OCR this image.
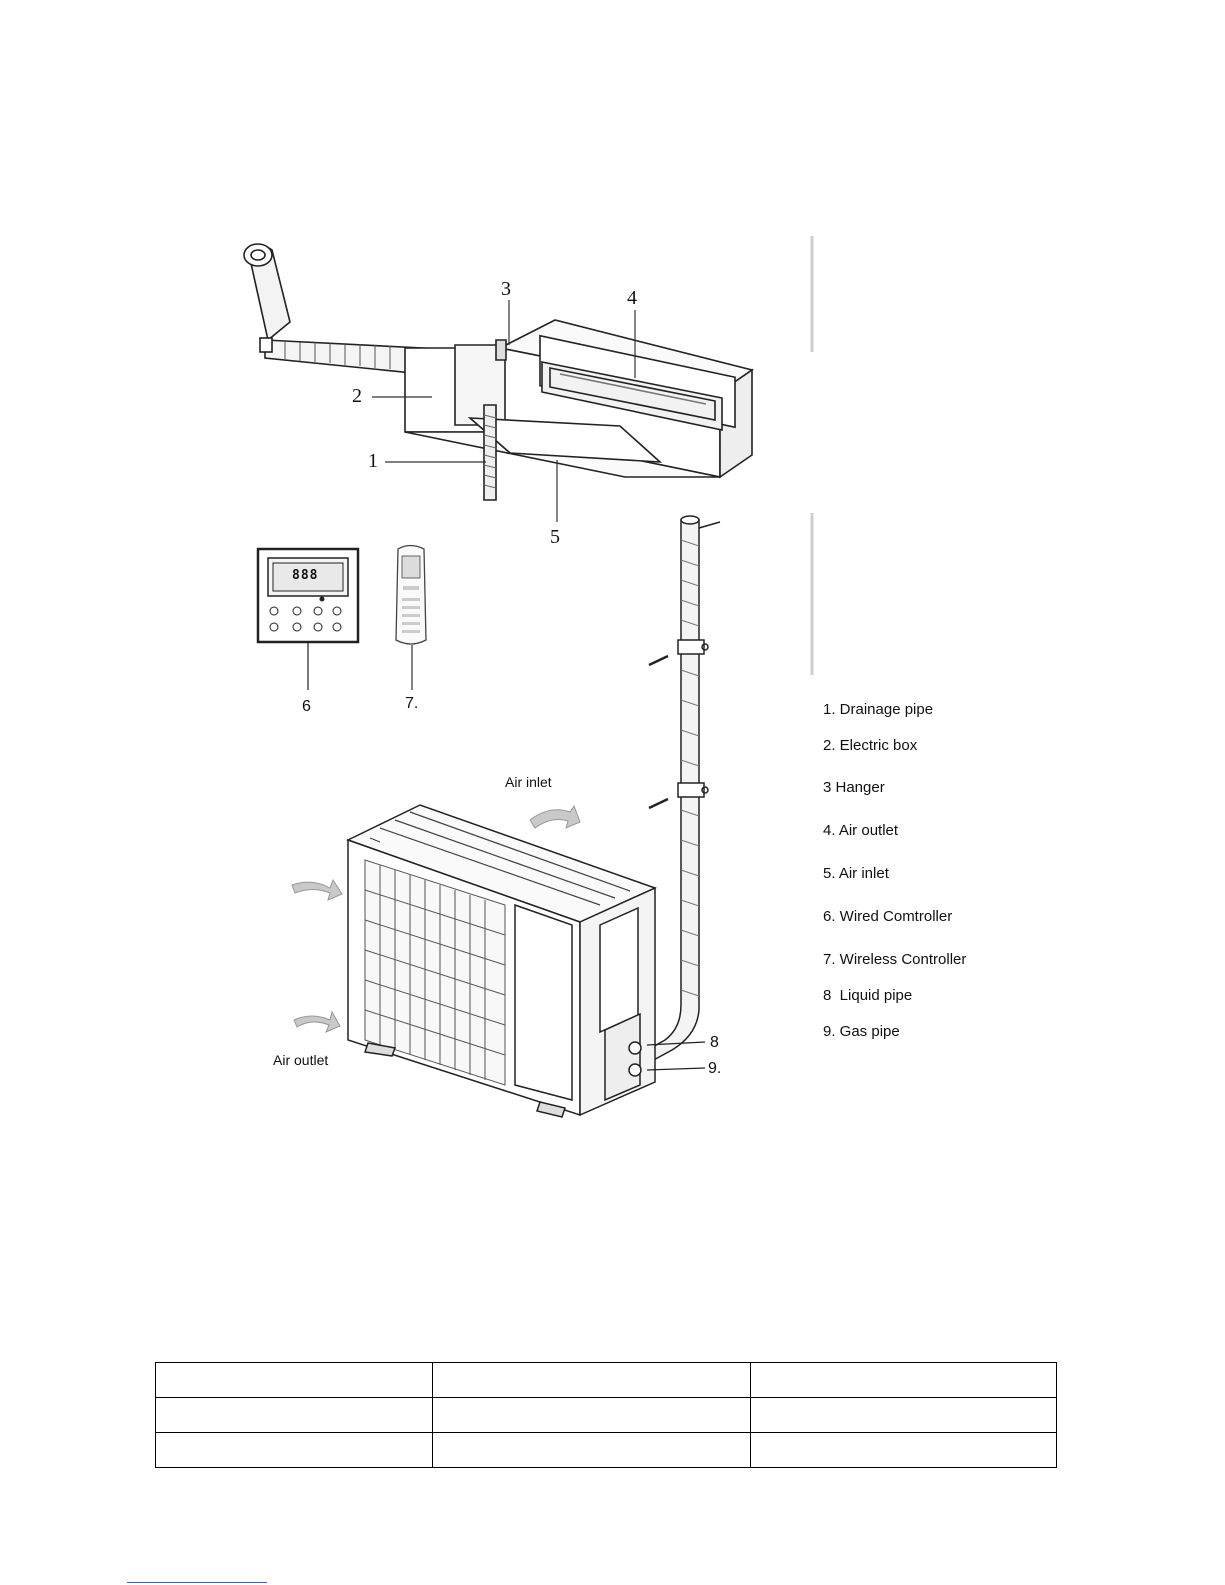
1
2
3	4
5
6	7.
8
9.
888
Air inlet
Air outlet
1. Drainage pipe
2. Electric box
3 Hanger
4. Air outlet
5. Air inlet
6. Wired Comtroller
7. Wireless Controller
8  Liquid pipe
9. Gas pipe
